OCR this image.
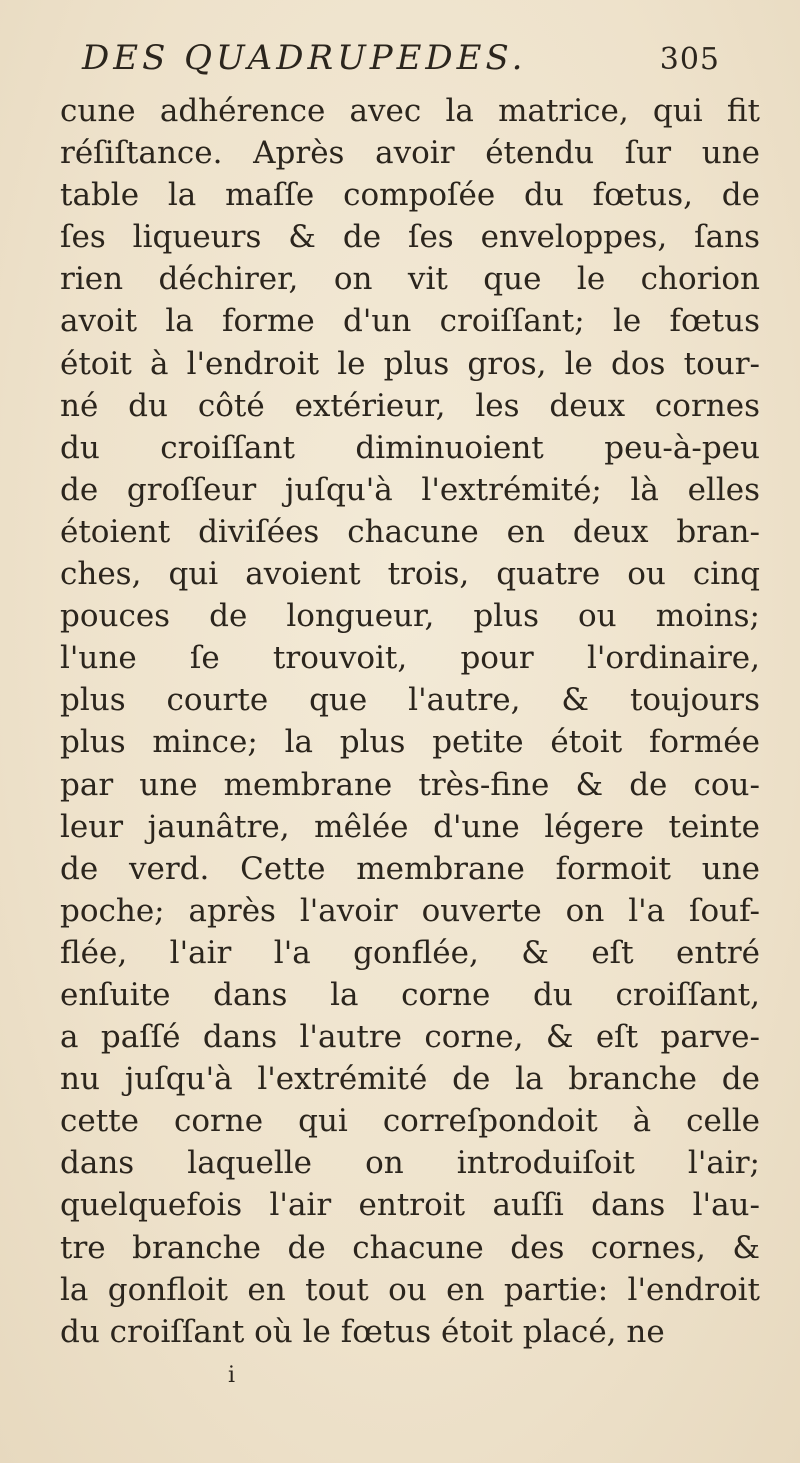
DES QUADRUPEDES.	305
cune adhérence avec la matrice, qui fit
réſiſtance. Après avoir étendu ſur une
table la maſſe compoſée du fœtus, de
ſes liqueurs & de ſes enveloppes, ſans
rien déchirer, on vit que le chorion
avoit la forme d'un croiſſant; le fœtus
étoit à l'endroit le plus gros, le dos tour-
né du côté extérieur, les deux cornes
du croiſſant diminuoient peu-à-peu
de groſſeur juſqu'à l'extrémité; là elles
étoient diviſées chacune en deux bran-
ches, qui avoient trois, quatre ou cinq
pouces de longueur, plus ou moins;
l'une ſe trouvoit, pour l'ordinaire,
plus courte que l'autre, & toujours
plus mince; la plus petite étoit formée
par une membrane très-fine & de cou-
leur jaunâtre, mêlée d'une légere teinte
de verd. Cette membrane formoit une
poche; après l'avoir ouverte on l'a ſouf-
flée, l'air l'a gonflée, & eſt entré
enſuite dans la corne du croiſſant,
a paſſé dans l'autre corne, & eſt parve-
nu juſqu'à l'extrémité de la branche de
cette corne qui correſpondoit à celle
dans laquelle on introduiſoit l'air;
quelquefois l'air entroit auſſi dans l'au-
tre branche de chacune des cornes, &
la gonfloit en tout ou en partie: l'endroit
du croiſſant où le fœtus étoit placé, ne
i
